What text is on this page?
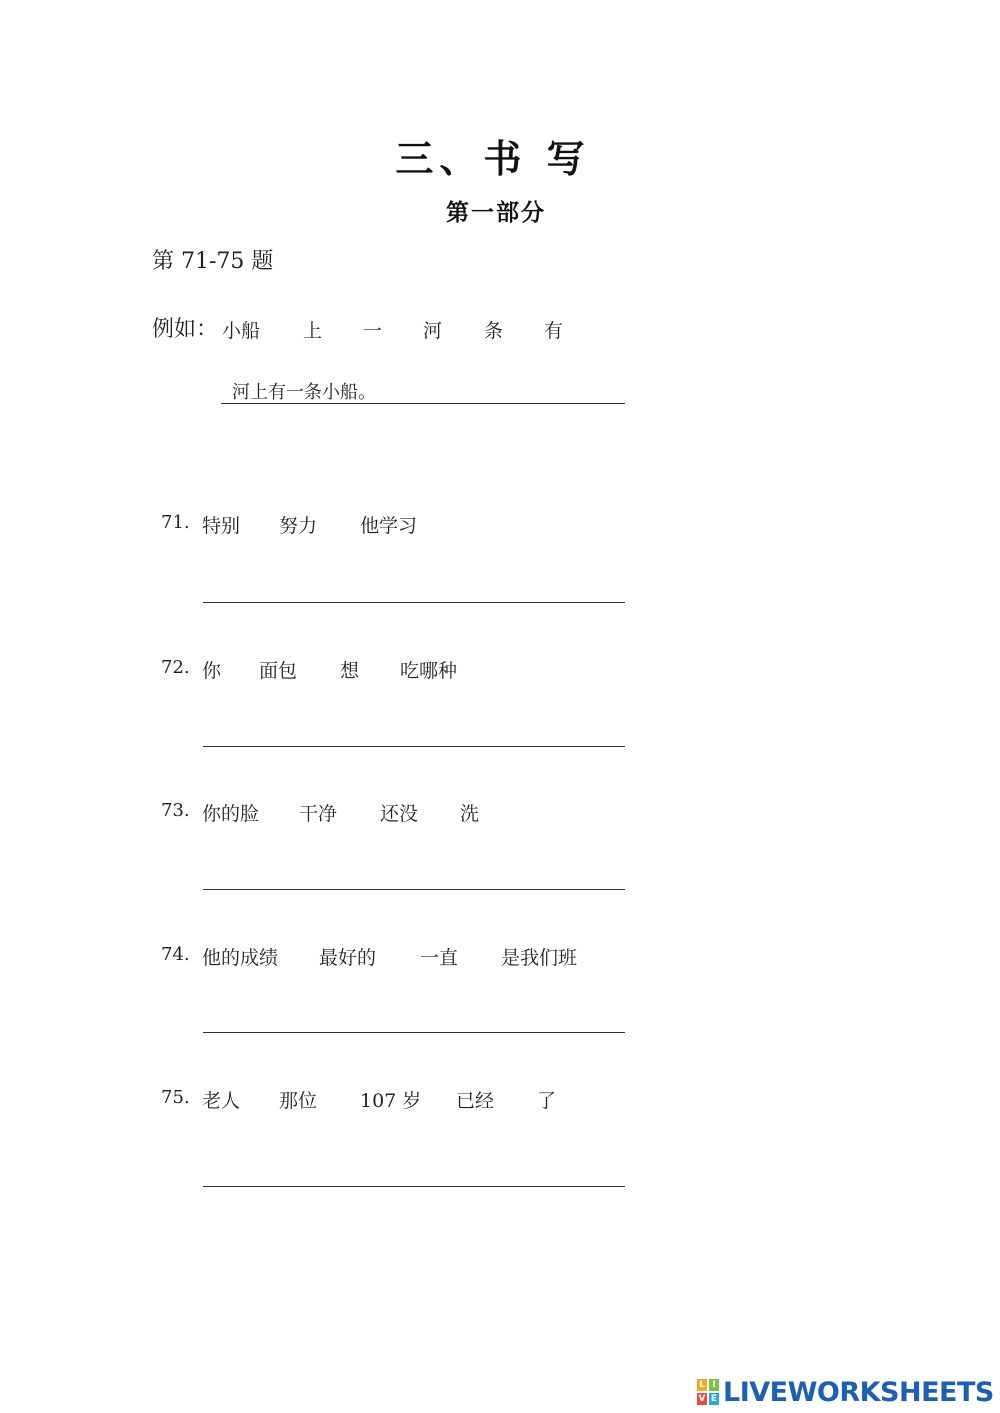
三、书 写
第一部分
第 71-75 题
例如： 小船 上 一 河 条 有
河上有一条小船。
71. 特别 努力 他学习
72. 你 面包 想 吃哪种
73. 你的脸 干净 还没 洗
74. 他的成绩 最好的 一直 是我们班
75. 老人 那位 107 岁 已经 了
L I
V E LIVEWORKSHEETS
